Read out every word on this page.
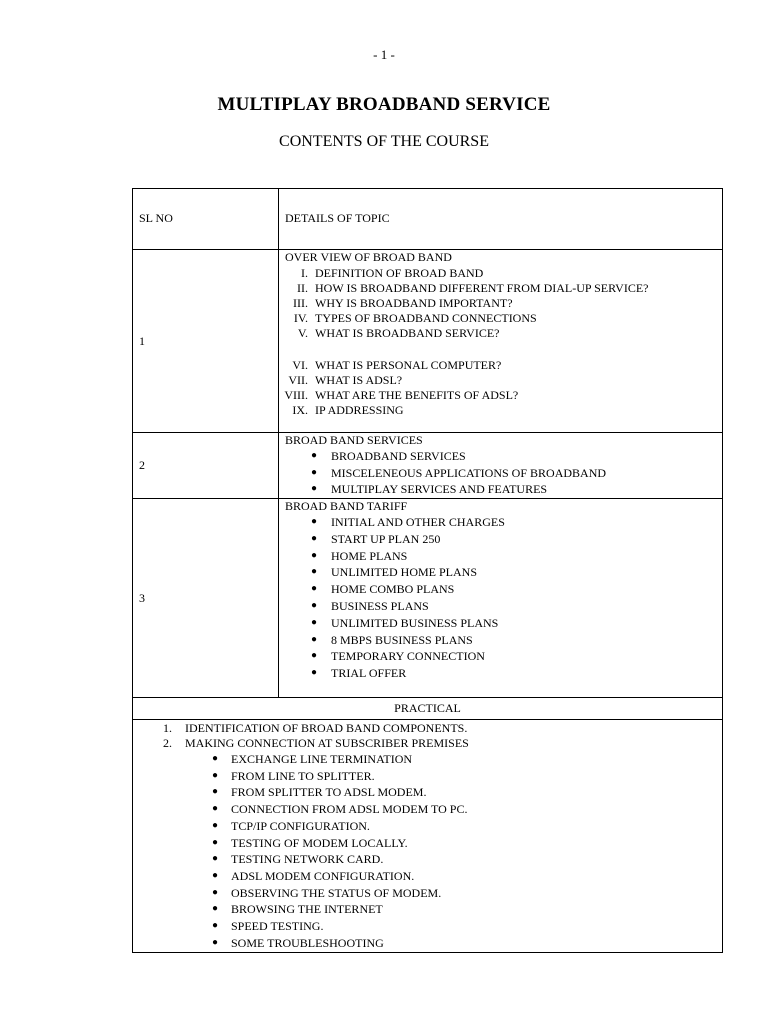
- 1 -
MULTIPLAY BROADBAND SERVICE
CONTENTS OF THE COURSE
SL NO	DETAILS OF TOPIC
1
OVER VIEW OF BROAD BAND
I. DEFINITION OF BROAD BAND
II. HOW IS BROADBAND DIFFERENT FROM DIAL-UP SERVICE?
III. WHY IS BROADBAND IMPORTANT?
IV. TYPES OF BROADBAND CONNECTIONS
V. WHAT IS BROADBAND SERVICE?
VI. WHAT IS PERSONAL COMPUTER?
VII. WHAT IS ADSL?
VIII. WHAT ARE THE BENEFITS OF ADSL?
IX. IP ADDRESSING
2
BROAD BAND SERVICES
● BROADBAND SERVICES
● MISCELENEOUS APPLICATIONS OF BROADBAND
● MULTIPLAY SERVICES AND FEATURES
3
BROAD BAND TARIFF
● INITIAL AND OTHER CHARGES
● START UP PLAN 250
● HOME PLANS
● UNLIMITED HOME PLANS
● HOME COMBO PLANS
● BUSINESS PLANS
● UNLIMITED BUSINESS PLANS
● 8 MBPS BUSINESS PLANS
● TEMPORARY CONNECTION
● TRIAL OFFER
PRACTICAL
1. IDENTIFICATION OF BROAD BAND COMPONENTS.
2. MAKING CONNECTION AT SUBSCRIBER PREMISES
● EXCHANGE LINE TERMINATION
● FROM LINE TO SPLITTER.
● FROM SPLITTER TO ADSL MODEM.
● CONNECTION FROM ADSL MODEM TO PC.
● TCP/IP CONFIGURATION.
● TESTING OF MODEM LOCALLY.
● TESTING NETWORK CARD.
● ADSL MODEM CONFIGURATION.
● OBSERVING THE STATUS OF MODEM.
● BROWSING THE INTERNET
● SPEED TESTING.
● SOME TROUBLESHOOTING
